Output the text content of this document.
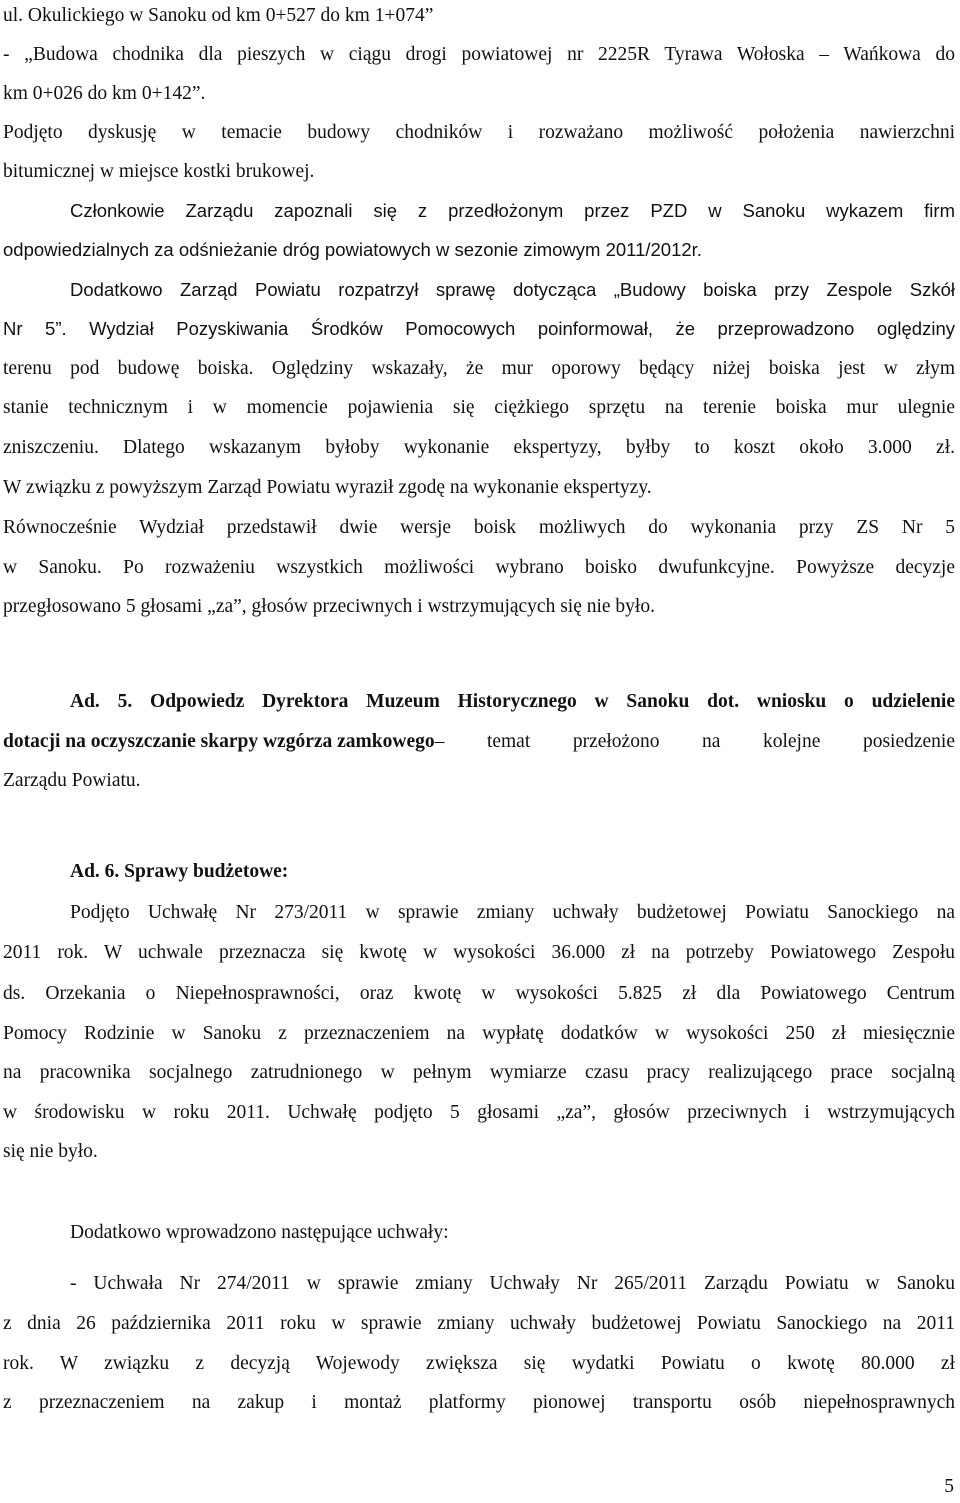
ul. Okulickiego w Sanoku od km 0+527 do km 1+074”
- „Budowa chodnika dla pieszych w ciągu drogi powiatowej nr 2225R Tyrawa Wołoska – Wańkowa do
km 0+026 do km 0+142”.
Podjęto dyskusję w temacie budowy chodników i rozważano możliwość położenia nawierzchni
bitumicznej w miejsce kostki brukowej.
Członkowie Zarządu zapoznali się z przedłożonym przez PZD w Sanoku wykazem firm
odpowiedzialnych za odśnieżanie dróg powiatowych w sezonie zimowym 2011/2012r.
Dodatkowo Zarząd Powiatu rozpatrzył sprawę dotycząca „Budowy boiska przy Zespole Szkół
Nr 5”. Wydział Pozyskiwania Środków Pomocowych poinformował, że przeprowadzono oględziny
terenu pod budowę boiska. Oględziny wskazały, że mur oporowy będący niżej boiska jest w złym
stanie technicznym i w momencie pojawienia się ciężkiego sprzętu na terenie boiska mur ulegnie
zniszczeniu. Dlatego wskazanym byłoby wykonanie ekspertyzy, byłby to koszt około 3.000 zł.
W związku z powyższym Zarząd Powiatu wyraził zgodę na wykonanie ekspertyzy.
Równocześnie Wydział przedstawił dwie wersje boisk możliwych do wykonania przy ZS Nr 5
w Sanoku. Po rozważeniu wszystkich możliwości wybrano boisko dwufunkcyjne. Powyższe decyzje
przegłosowano 5 głosami „za”, głosów przeciwnych i wstrzymujących się nie było.
Ad. 5. Odpowiedz Dyrektora Muzeum Historycznego w Sanoku dot. wniosku o udzielenie
dotacji na oczyszczanie skarpy wzgórza zamkowego – temat przełożono na kolejne posiedzenie
Zarządu Powiatu.
Ad. 6. Sprawy budżetowe:
Podjęto Uchwałę Nr 273/2011 w sprawie zmiany uchwały budżetowej Powiatu Sanockiego na
2011 rok. W uchwale przeznacza się kwotę w wysokości 36.000 zł na potrzeby Powiatowego Zespołu
ds. Orzekania o Niepełnosprawności, oraz kwotę w wysokości 5.825 zł dla Powiatowego Centrum
Pomocy Rodzinie w Sanoku z przeznaczeniem na wypłatę dodatków w wysokości 250 zł miesięcznie
na pracownika socjalnego zatrudnionego w pełnym wymiarze czasu pracy realizującego prace socjalną
w środowisku w roku 2011. Uchwałę podjęto 5 głosami „za”, głosów przeciwnych i wstrzymujących
się nie było.
Dodatkowo wprowadzono następujące uchwały:
- Uchwała Nr 274/2011 w sprawie zmiany Uchwały Nr 265/2011 Zarządu Powiatu w Sanoku
z dnia 26 października 2011 roku w sprawie zmiany uchwały budżetowej Powiatu Sanockiego na 2011
rok. W związku z decyzją Wojewody zwiększa się wydatki Powiatu o kwotę 80.000 zł
z przeznaczeniem na zakup i montaż platformy pionowej transportu osób niepełnosprawnych
5
